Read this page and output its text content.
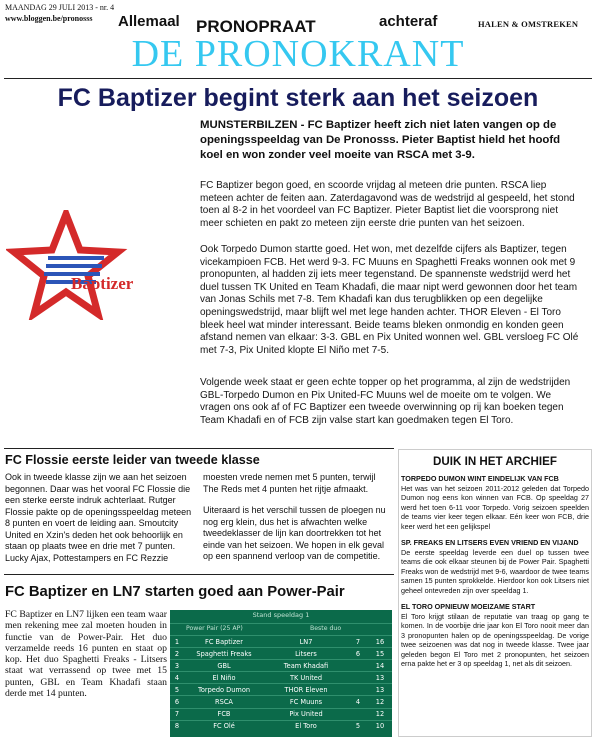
MAANDAG 29 JULI 2013 - nr. 4
www.bloggen.be/pronosss Allemaal PRONOPRAAT	achteraf	HALEN & OMSTREKEN
DE PRONOKRANT
FC Baptizer begint sterk aan het seizoen
Baptizer
MUNSTERBILZEN - FC Baptizer heeft zich niet laten vangen op de openingsspeeldag van De Pronosss. Pieter Baptist hield het hoofd koel en won zonder veel moeite van RSCA met 3-9.
FC Baptizer begon goed, en scoorde vrijdag al meteen drie punten. RSCA liep meteen achter de feiten aan. Zaterdagavond was de wedstrijd al gespeeld, het stond toen al 8-2 in het voordeel van FC Baptizer. Pieter Baptist liet die voorsprong niet meer schieten en pakt zo meteen zijn eerste drie punten van het seizoen.
Ook Torpedo Dumon startte goed. Het won, met dezelfde cijfers als Baptizer, tegen vicekampioen FCB. Het werd 9-3. FC Muuns en Spaghetti Freaks wonnen ook met 9 pronopunten, al hadden zij iets meer tegenstand. De spannenste wedstrijd werd het duel tussen TK United en Team Khadafi, die maar nipt werd gewonnen door het team van Jonas Schils met 7-8. Tem Khadafi kan dus terugblikken op een degelijke openingswedstrijd, maar blijft wel met lege handen achter. THOR Eleven - El Toro bleek heel wat minder interessant. Beide teams bleken onmondig en konden geen afstand nemen van elkaar: 3-3. GBL en Pix United wonnen wel. GBL versloeg FC Olé met 7-3, Pix United klopte El Niño met 7-5.
Volgende week staat er geen echte topper op het programma, al zijn de wedstrijden GBL-Torpedo Dumon en Pix United-FC Muuns wel de moeite om te volgen. We vragen ons ook af of FC Baptizer een tweede overwinning op rij kan boeken tegen Team Khadafi en of FCB zijn valse start kan goedmaken tegen El Toro.
FC Flossie eerste leider van tweede klasse
Ook in tweede klasse zijn we aan het seizoen begonnen. Daar was het vooral FC Flossie die een sterke eerste indruk achterlaat. Rutger Flossie pakte op de openingsspeeldag meteen 8 punten en voert de leiding aan. Smoutcity United en Xzin's deden het ook behoorlijk en staan op plaats twee en drie met 7 punten. Lucky Ajax, Pottestampers en FC Rezzie
moesten vrede nemen met 5 punten, terwijl The Reds met 4 punten het rijtje afmaakt.
Uiteraard is het verschil tussen de ploegen nu nog erg klein, dus het is afwachten welke tweedeklasser de lijn kan doortrekken tot het einde van het seizoen. We hopen in elk geval op een spannend verloop van de competitie.
FC Baptizer en LN7 starten goed aan Power-Pair
FC Baptizer en LN7 lijken een team waar men rekening mee zal moeten houden in functie van de Power-Pair. Het duo verzamelde reeds 16 punten en staat op kop. Het duo Spaghetti Freaks - Litsers staat wat verrassend op twee met 15 punten, GBL en Team Khadafi staan derde met 14 punten.
Stand speeldag 1
Power Pair (25 AP)	Beste duo
1	FC Baptizer	LN7	7	16
2	Spaghetti Freaks	Litsers	6	15
3	GBL	Team Khadafi		14
4	El Niño	TK United		13
5	Torpedo Dumon	THOR Eleven		13
6	RSCA	FC Muuns	4	12
7	FCB	Pix United		12
8	FC Olé	El Toro	5	10
DUIK IN HET ARCHIEF
TORPEDO DUMON WINT EINDELIJK VAN FCB
Het was van het seizoen 2011-2012 geleden dat Torpedo Dumon nog eens kon winnen van FCB. Op speeldag 27 werd het toen 6-11 voor Torpedo. Vorig seizoen speelden de teams vier keer tegen elkaar. Eén keer won FCB, drie keer werd het een gelijkspel
SP. FREAKS EN LITSERS EVEN VRIEND EN VIJAND
De eerste speeldag leverde een duel op tussen twee teams die ook elkaar steunen bij de Power Pair. Spaghetti Freaks won de wedstrijd met 9-6, waardoor de twee teams samen 15 punten sprokkelde. Hierdoor kon ook Litsers niet geheel ontevreden zijn over speeldag 1.
EL TORO OPNIEUW MOEIZAME START
El Toro krijgt stilaan de reputatie van traag op gang te komen. In de voorbije drie jaar kon El Toro nooit meer dan 3 pronopunten halen op de openingsspeeldag. De vorige twee seizoenen was dat nog in tweede klasse. Twee jaar geleden begon El Toro met 2 pronopunten, het seizoen erna pakte het er 3 op speeldag 1, net als dit seizoen.
